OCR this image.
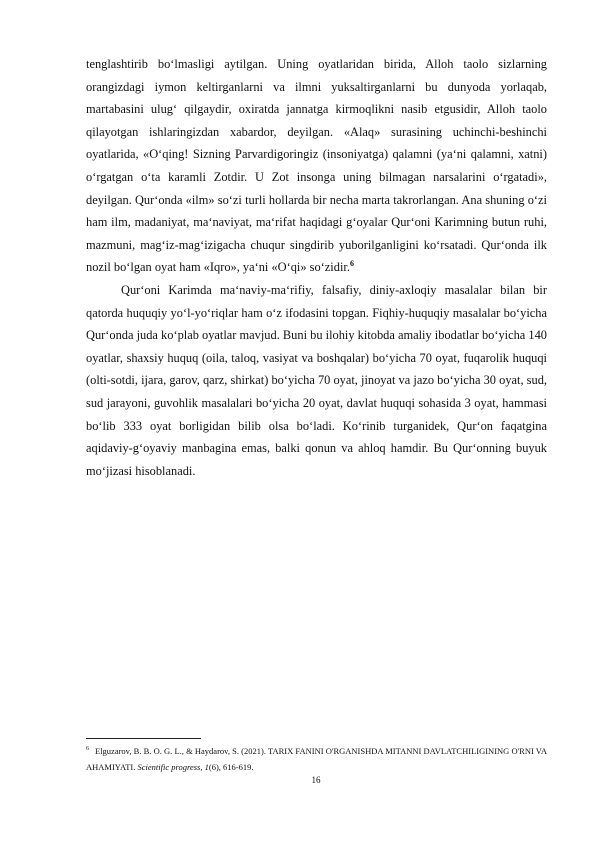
tenglashtirib bo‘lmasligi aytilgan. Uning oyatlaridan birida, Alloh taolo sizlarning orangizdagi iymon keltirganlarni va ilmni yuksaltirganlarni bu dunyoda yorlaqab, martabasini ulug‘ qilgaydir, oxiratda jannatga kirmoqlikni nasib etgusidir, Alloh taolo qilayotgan ishlaringizdan xabardor, deyilgan. «Alaq» surasining uchinchi-beshinchi oyatlarida, «O‘qing! Sizning Parvardigoringiz (insoniyatga) qalamni (ya‘ni qalamni, xatni) o‘rgatgan o‘ta karamli Zotdir. U Zot insonga uning bilmagan narsalarini o‘rgatadi», deyilgan. Qur‘onda «ilm» so‘zi turli hollarda bir necha marta takrorlangan. Ana shuning o‘zi ham ilm, madaniyat, ma‘naviyat, ma‘rifat haqidagi g‘oyalar Qur‘oni Karimning butun ruhi, mazmuni, mag‘iz-mag‘izigacha chuqur singdirib yuborilganligini ko‘rsatadi. Qur‘onda ilk nozil bo‘lgan oyat ham «Iqro», ya‘ni «O‘qi» so‘zidir.$^6$

Qur‘oni Karimda ma‘naviy-ma‘rifiy, falsafiy, diniy-axloqiy masalalar bilan bir qatorda huquqiy yo‘l-yo‘riqlar ham o‘z ifodasini topgan. Fiqhiy-huquqiy masalalar bo‘yicha Qur‘onda juda ko‘plab oyatlar mavjud. Buni bu ilohiy kitobda amaliy ibodatlar bo‘yicha 140 oyatlar, shaxsiy huquq (oila, taloq, vasiyat va boshqalar) bo‘yicha 70 oyat, fuqarolik huquqi (olti-sotdi, ijara, garov, qarz, shirkat) bo‘yicha 70 oyat, jinoyat va jazo bo‘yicha 30 oyat, sud, sud jarayoni, guvohlik masalalari bo‘yicha 20 oyat, davlat huquqi sohasida 3 oyat, hammasi bo‘lib 333 oyat borligidan bilib olsa bo‘ladi. Ko‘rinib turganidek, Qur‘on faqatgina aqidaviy-g‘oyaviy manbagina emas, balki qonun va ahloq hamdir. Bu Qur‘onning buyuk mo‘jizasi hisoblanadi.

$^6$ Elguzarov, B. B. O. G. L., & Haydarov, S. (2021). TARIX FANINI O'RGANISHDA MITANNI DAVLATCHILIGINING O'RNI VA AHAMIYATI. Scientific progress, 1(6), 616-619.
16
